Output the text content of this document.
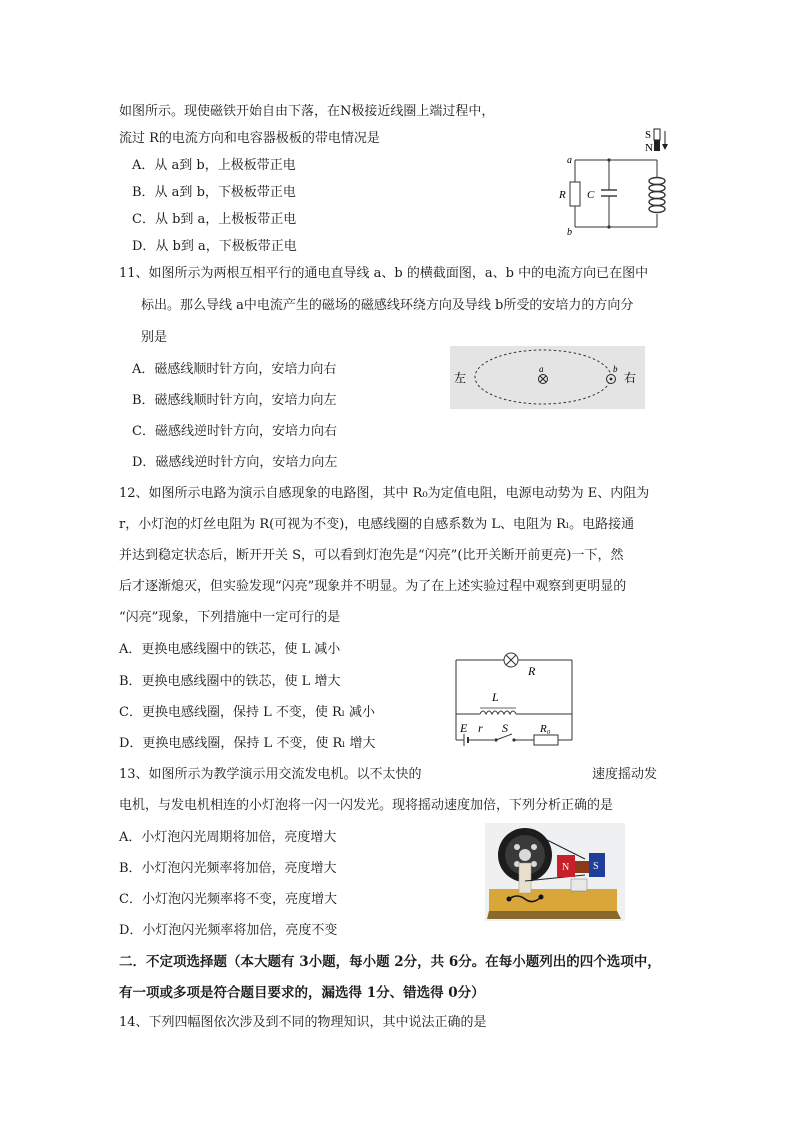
如图所示。现使磁铁开始自由下落，在N极接近线圈上端过程中，
流过 R的电流方向和电容器极板的带电情况是
A．从 a到 b，上极板带正电
B．从 a到 b，下极板带正电
C．从 b到 a，上极板带正电
D．从 b到 a，下极板带正电
S
N
R
a
b
C
11、如图所示为两根互相平行的通电直导线 a、b 的横截面图，a、b 中的电流方向已在图中
标出。那么导线 a中电流产生的磁场的磁感线环绕方向及导线 b所受的安培力的方向分
别是
A．磁感线顺时针方向，安培力向右
B．磁感线顺时针方向，安培力向左
C．磁感线逆时针方向，安培力向右
D．磁感线逆时针方向，安培力向左
a	b
左	右
12、如图所示电路为演示自感现象的电路图，其中 R₀为定值电阻，电源电动势为 E、内阻为
r，小灯泡的灯丝电阻为 R(可视为不变)，电感线圈的自感系数为 L、电阻为 Rₗ。电路接通
并达到稳定状态后，断开开关 S，可以看到灯泡先是“闪亮”(比开关断开前更亮)一下，然
后才逐渐熄灭，但实验发现“闪亮”现象并不明显。为了在上述实验过程中观察到更明显的
“闪亮”现象，下列措施中一定可行的是
A．更换电感线圈中的铁芯，使 L 减小
B．更换电感线圈中的铁芯，使 L 增大
C．更换电感线圈，保持 L 不变，使 Rₗ 减小
D．更换电感线圈，保持 L 不变，使 Rₗ 增大
R
L
E r S	R₀
13、如图所示为教学演示用交流发电机。以不太快的	速度摇动发
电机，与发电机相连的小灯泡将一闪一闪发光。现将摇动速度加倍，下列分析正确的是
A．小灯泡闪光周期将加倍，亮度增大
B．小灯泡闪光频率将加倍，亮度增大
C．小灯泡闪光频率将不变，亮度增大
D．小灯泡闪光频率将加倍，亮度不变
N S
二．不定项选择题（本大题有 3小题，每小题 2分，共 6分。在每小题列出的四个选项中，
有一项或多项是符合题目要求的，漏选得 1分、错选得 0分）
14、下列四幅图依次涉及到不同的物理知识，其中说法正确的是
